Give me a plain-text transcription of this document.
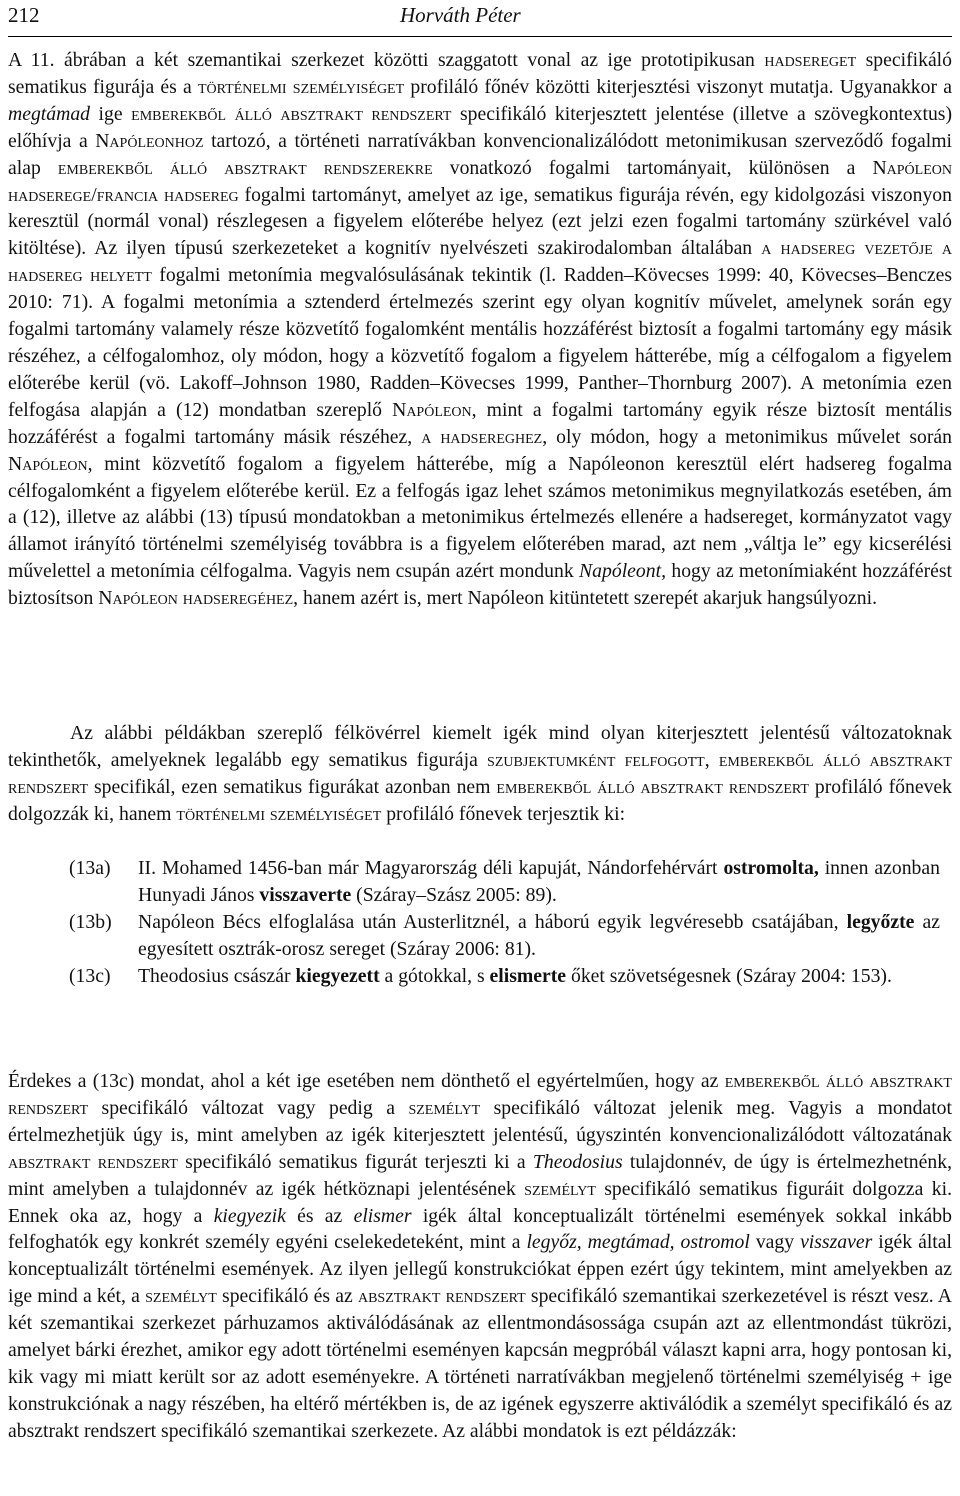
212	Horváth Péter

A 11. ábrában a két szemantikai szerkezet közötti szaggatott vonal az ige prototipikusan hadsereget specifikáló sematikus figurája és a történelmi személyiséget profiláló főnév közötti kiterjesztési viszonyt mutatja. Ugyanakkor a megtámad ige emberekből álló absztrakt rendszert specifikáló kiterjesztett jelentése (illetve a szövegkontextus) előhívja a Napóleonhoz tartozó, a történeti narratívákban konvencionalizálódott metonimikusan szerveződő fogalmi alap emberekből álló absztrakt rendszerekre vonatkozó fogalmi tartományait, különösen a Napóleon hadserege/francia hadsereg fogalmi tartományt, amelyet az ige, sematikus figurája révén, egy kidolgozási viszonyon keresztül (normál vonal) részlegesen a figyelem előterébe helyez (ezt jelzi ezen fogalmi tartomány szürkével való kitöltése). Az ilyen típusú szerkezeteket a kognitív nyelvészeti szakirodalomban általában a hadsereg vezetője a hadsereg helyett fogalmi metonímia megvalósulásának tekintik (l. Radden–Kövecses 1999: 40, Kövecses–Benczes 2010: 71). A fogalmi metonímia a sztenderd értelmezés szerint egy olyan kognitív művelet, amelynek során egy fogalmi tartomány valamely része közvetítő fogalomként mentális hozzáférést biztosít a fogalmi tartomány egy másik részéhez, a célfogalomhoz, oly módon, hogy a közvetítő fogalom a figyelem hátterébe, míg a célfogalom a figyelem előterébe kerül (vö. Lakoff–Johnson 1980, Radden–Kövecses 1999, Panther–Thornburg 2007). A metonímia ezen felfogása alapján a (12) mondatban szereplő Napóleon, mint a fogalmi tartomány egyik része biztosít mentális hozzáférést a fogalmi tartomány másik részéhez, a hadsereghez, oly módon, hogy a metonimikus művelet során Napóleon, mint közvetítő fogalom a figyelem hátterébe, míg a Napóleonon keresztül elért hadsereg fogalma célfogalomként a figyelem előterébe kerül. Ez a felfogás igaz lehet számos metonimikus megnyilatkozás esetében, ám a (12), illetve az alábbi (13) típusú mondatokban a metonimikus értelmezés ellenére a hadsereget, kormányzatot vagy államot irányító történelmi személyiség továbbra is a figyelem előterében marad, azt nem „váltja le” egy kicserélési művelettel a metonímia célfogalma. Vagyis nem csupán azért mondunk Napóleont, hogy az metonímiaként hozzáférést biztosítson Napóleon hadseregéhez, hanem azért is, mert Napóleon kitüntetett szerepét akarjuk hangsúlyozni.

Az alábbi példákban szereplő félkövérrel kiemelt igék mind olyan kiterjesztett jelentésű változatoknak tekinthetők, amelyeknek legalább egy sematikus figurája szubjektumként felfogott, emberekből álló absztrakt rendszert specifikál, ezen sematikus figurákat azonban nem emberekből álló absztrakt rendszert profiláló főnevek dolgozzák ki, hanem történelmi személyiséget profiláló főnevek terjesztik ki:

(13a)	II. Mohamed 1456-ban már Magyarország déli kapuját, Nándorfehérvárt ostromolta, innen azonban Hunyadi János visszaverte (Száray–Szász 2005: 89).
(13b)	Napóleon Bécs elfoglalása után Austerlitznél, a háború egyik legvéresebb csatájában, legyőzte az egyesített osztrák-orosz sereget (Száray 2006: 81).
(13c)	Theodosius császár kiegyezett a gótokkal, s elismerte őket szövetségesnek (Száray 2004: 153).

Érdekes a (13c) mondat, ahol a két ige esetében nem dönthető el egyértelműen, hogy az emberekből álló absztrakt rendszert specifikáló változat vagy pedig a személyt specifikáló változat jelenik meg. Vagyis a mondatot értelmezhetjük úgy is, mint amelyben az igék kiterjesztett jelentésű, úgyszintén konvencionalizálódott változatának absztrakt rendszert specifikáló sematikus figurát terjeszti ki a Theodosius tulajdonnév, de úgy is értelmezhetnénk, mint amelyben a tulajdonnév az igék hétköznapi jelentésének személyt specifikáló sematikus figuráit dolgozza ki. Ennek oka az, hogy a kiegyezik és az elismer igék által konceptualizált történelmi események sokkal inkább felfoghatók egy konkrét személy egyéni cselekedeteként, mint a legyőz, megtámad, ostromol vagy visszaver igék által konceptualizált történelmi események. Az ilyen jellegű konstrukciókat éppen ezért úgy tekintem, mint amelyekben az ige mind a két, a személyt specifikáló és az absztrakt rendszert specifikáló szemantikai szerkezetével is részt vesz. A két szemantikai szerkezet párhuzamos aktiválódásának az ellentmondásossága csupán azt az ellentmondást tükrözi, amelyet bárki érezhet, amikor egy adott történelmi eseményen kapcsán megpróbál választ kapni arra, hogy pontosan ki, kik vagy mi miatt került sor az adott eseményekre. A történeti narratívákban megjelenő történelmi személyiség + ige konstrukciónak a nagy részében, ha eltérő mértékben is, de az igének egyszerre aktiválódik a személyt specifikáló és az absztrakt rendszert specifikáló szemantikai szerkezete. Az alábbi mondatok is ezt példázzák:
